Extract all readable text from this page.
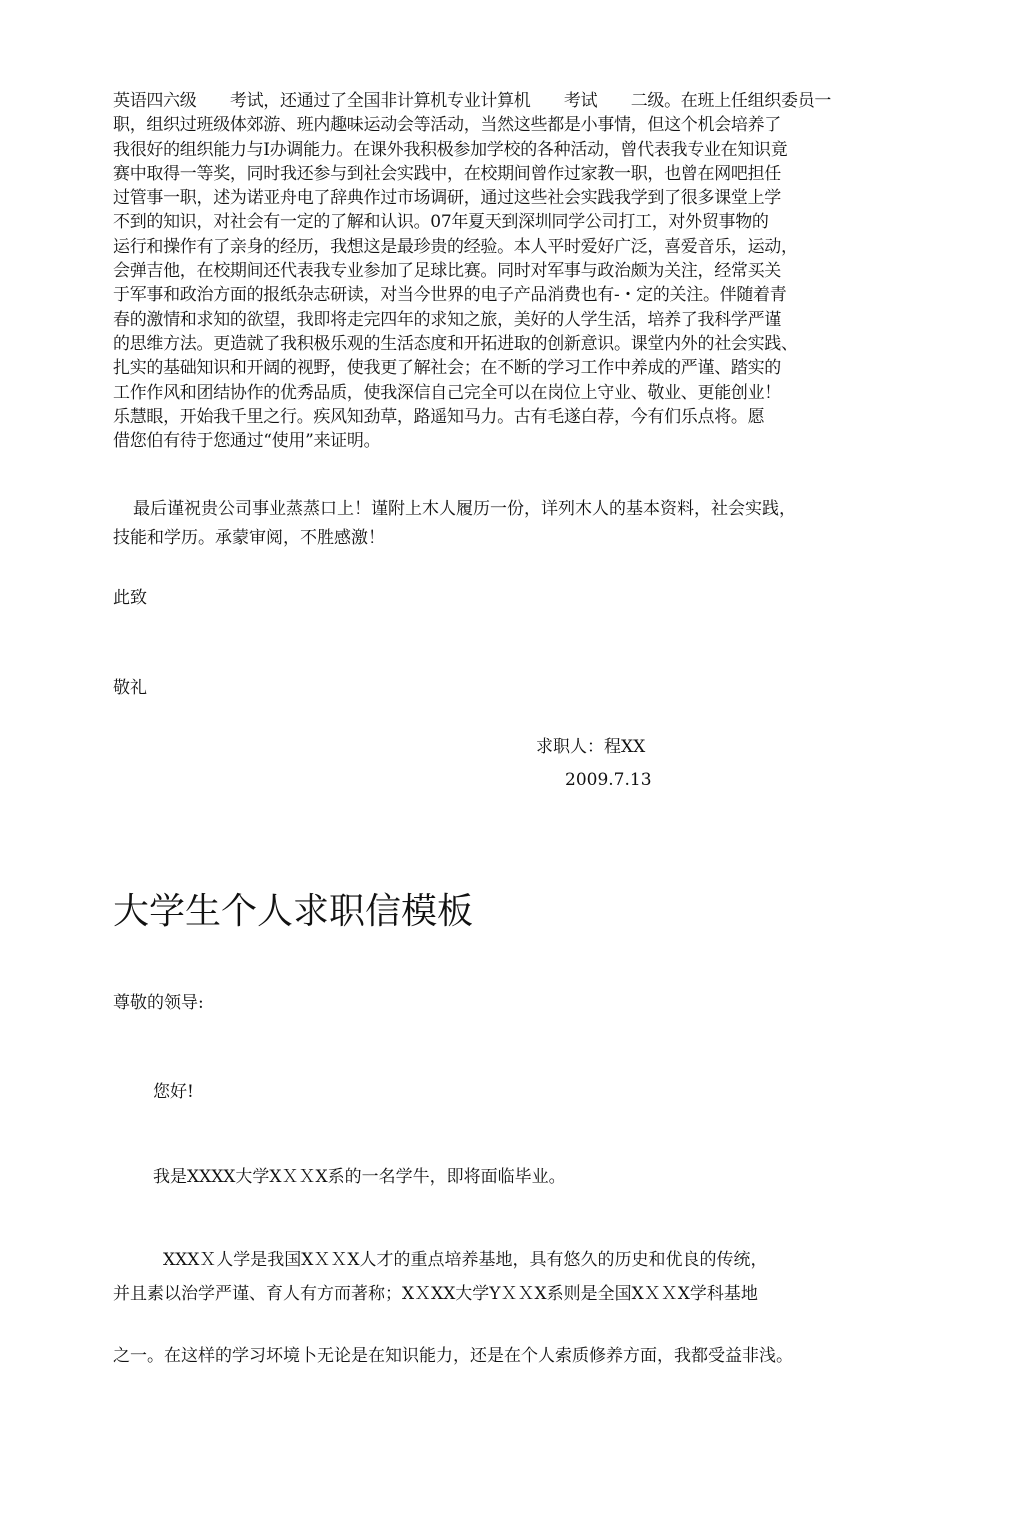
英语四六级　　考试，还通过了全国非计算机专业计算机　　考试　　二级。在班上任组织委员一
职，组织过班级体郊游、班内趣味运动会等活动，当然这些都是小事情，但这个机会培养了
我很好的组织能力与I办调能力。在课外我积极参加学校的各种活动，曾代表我专业在知识竟
赛中取得一等奖，同时我还参与到社会实践中，在校期间曾作过家教一职，也曾在网吧担任
过管事一职，述为诺亚舟电了辞典作过市场调研，通过这些社会实践我学到了很多课堂上学
不到的知识，对社会有一定的了解和认识。07年夏天到深圳同学公司打工，对外贸事物的
运行和操作有了亲身的经历，我想这是最珍贵的经验。本人平时爱好广泛，喜爱音乐，运动，
会弹吉他，在校期间还代表我专业参加了足球比赛。同时对军事与政治颇为关注，经常买关
于军事和政治方面的报纸杂志研读，对当今世界的电子产品消费也有-・定的关注。伴随着青
春的激情和求知的欲望，我即将走完四年的求知之旅，美好的人学生活，培养了我科学严谨
的思维方法。更造就了我积极乐观的生活态度和开拓进取的创新意识。课堂内外的社会实践、
扎实的基础知识和开阔的视野，使我更了解社会；在不断的学习工作中养成的严谨、踏实的
工作作风和团结协作的优秀品质，使我深信自己完全可以在岗位上守业、敬业、更能创业！
乐慧眼，开始我千里之行。疾风知劲草，路遥知马力。古有毛遂白荐，今有们乐点将。愿
借您伯有待于您通过“使用”来证明。

最后谨祝贵公司事业蒸蒸口上！谨附上木人履历一份，详列木人的基本资料，社会实践，

技能和学历。承蒙审阅，不胜感激！

此致

敬礼

求职人：程XX

2009.7.13

大学生个人求职信模板

尊敬的领导:

您好!

我是XXXX大学XＸＸX系的一名学牛，即将面临毕业。

XXXＸ人学是我国XＸＸX人才的重点培养基地，具有悠久的历史和优良的传统，

并且素以治学严谨、育人有方而著称；XＸXX大学YＸＸX系则是全国XＸＸX学科基地

之一。在这样的学习坏境卜无论是在知识能力，还是在个人索质修养方面，我都受益非浅。
